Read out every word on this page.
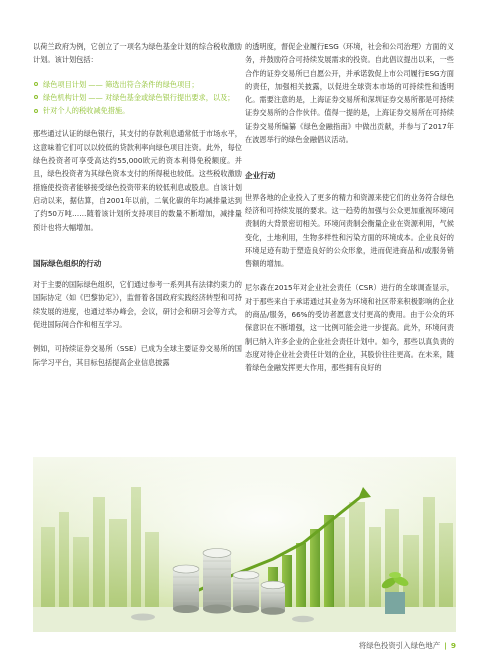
以荷兰政府为例，它创立了一项名为绿色基金计划的综合税收激励计划。该计划包括：

绿色项目计划 —— 筛选出符合条件的绿色项目；
绿色机构计划 —— 对绿色基金或绿色银行提出要求，以及；
针对个人的税收减免措施。

那些通过认证的绿色银行，其支付的存款利息通常低于市场水平，这意味着它们可以以较低的贷款利率向绿色项目注资。此外，每位绿色投资者可享受高达约55,000欧元的资本利得免税额度。并且，绿色投资者为其绿色资本支付的所得税也较低。这些税收激励措施使投资者能够接受绿色投资带来的较低利息或股息。自该计划启动以来，据估算，自2001年以前，二氧化碳的年均减排量达到了约50万吨……随着该计划所支持项目的数量不断增加，减排量预计也将大幅增加。

国际绿色组织的行动

对于主要的国际绿色组织，它们通过参考一系列具有法律约束力的国际协定（如《巴黎协定》），监督着各国政府实践经济转型和可持续发展的进度，也通过举办峰会，会议，研讨会和研习会等方式，促进国际间合作和相互学习。

例如，可持续证券交易所（SSE）已成为全球主要证券交易所的国际学习平台，其目标包括提高企业信息披露

的透明度，督促企业履行ESG（环境，社会和公司治理）方面的义务，并鼓励符合可持续发展需求的投资。自此倡议提出以来，一些合作的证券交易所已自愿公开，并承诺敦促上市公司履行ESG方面的责任，加强相关披露，以促进全球资本市场的可持续性和透明化。需要注意的是，上海证券交易所和深圳证券交易所都是可持续证券交易所的合作伙伴。值得一提的是，上海证券交易所在可持续证券交易所编纂《绿色金融指南》中做出贡献，并参与了2017年在波恩举行的绿色金融倡议活动。

企业行动

世界各地的企业投入了更多的精力和资源来使它们的业务符合绿色经济和可持续发展的要求。这一趋势的加强与公众更加重视环境问责制的大背景密切相关。环境问责制会衡量企业在资源利用，气候变化，土地利用，生物多样性和污染方面的环境成本。企业良好的环境足迹有助于塑造良好的公众形象，进而促进商品和/或服务销售额的增加。

尼尔森在2015年对企业社会责任（CSR）进行的全球调查显示，对于那些来自于承诺通过其业务为环境和社区带来积极影响的企业的商品/服务，66%的受访者愿意支付更高的费用。由于公众的环保意识在不断增强，这一比例可能会进一步提高。此外，环境问责制已纳入许多企业的企业社会责任计划中。如今，那些以真负责的态度对待企业社会责任计划的企业，其股价往往更高。在未来，随着绿色金融发挥更大作用，那些拥有良好的

将绿色投资引入绿色地产 | 9
